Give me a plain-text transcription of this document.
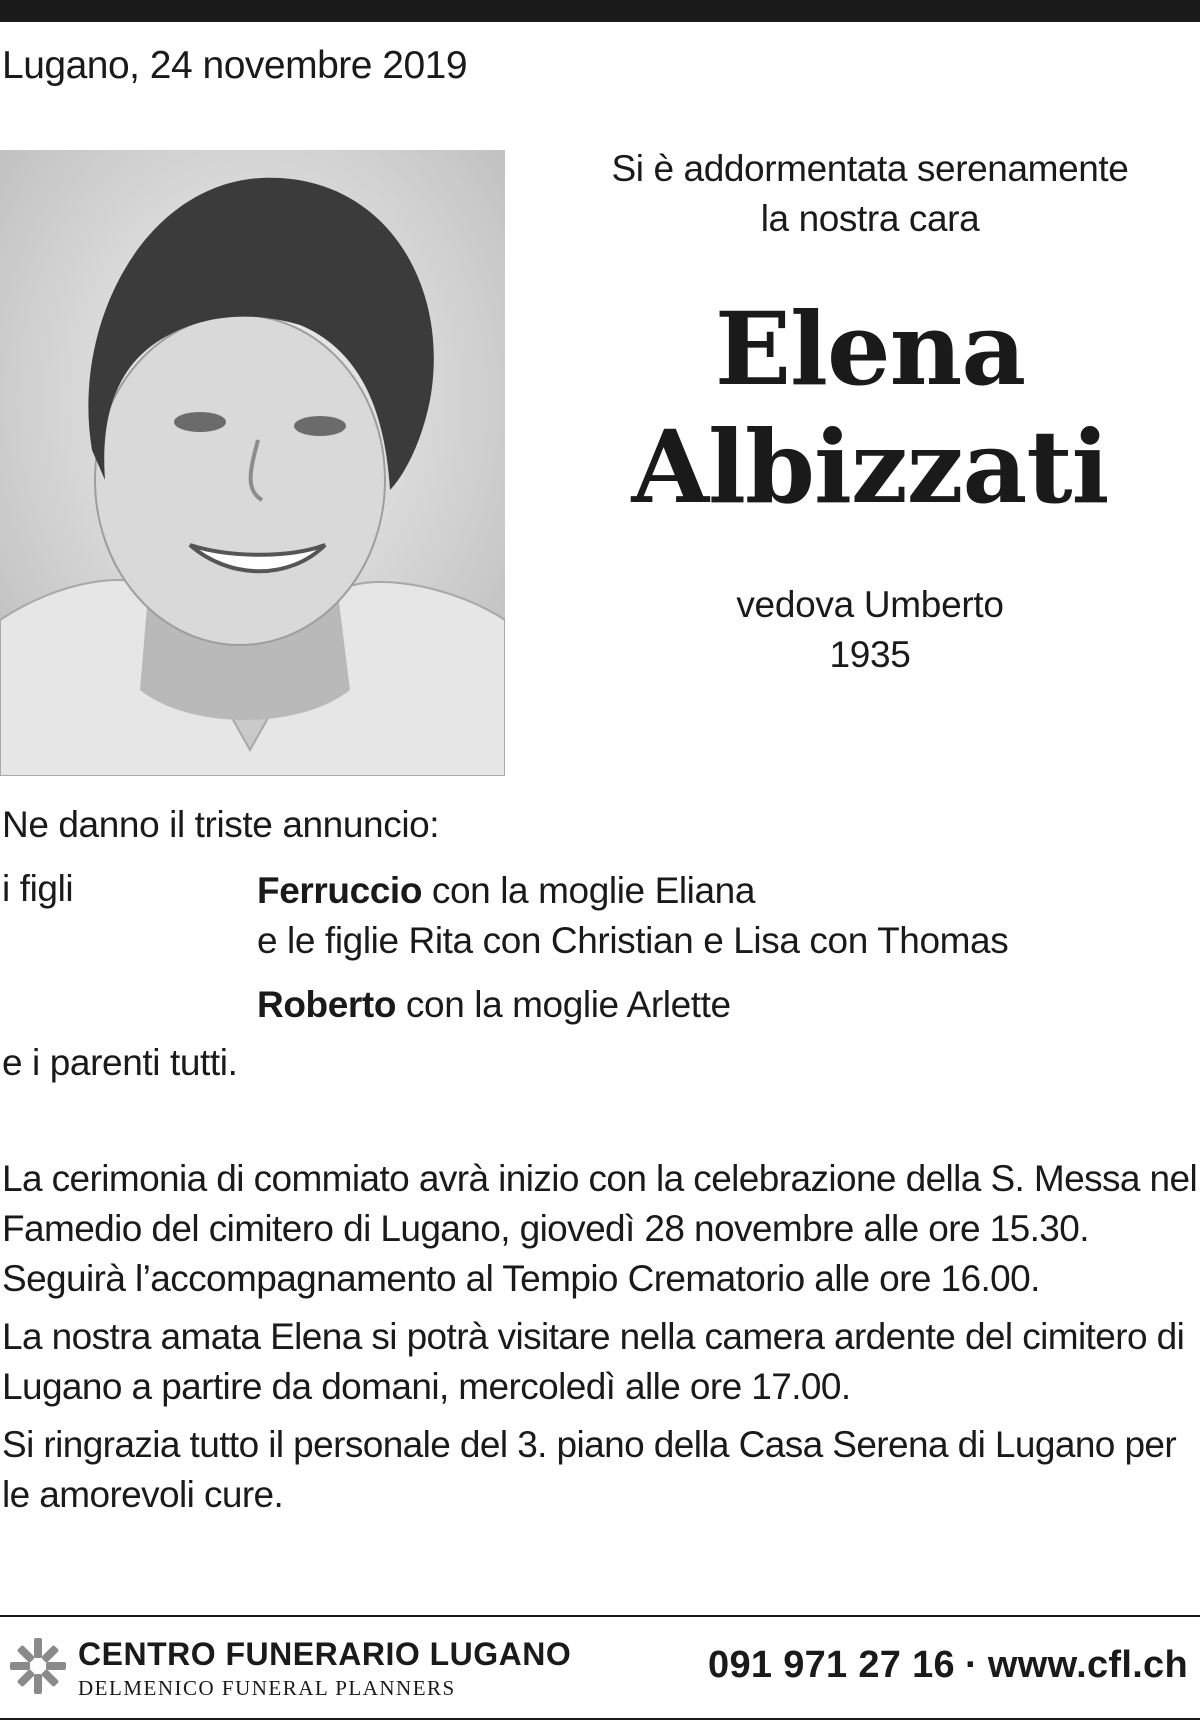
Lugano, 24 novembre 2019
Si è addormentata serenamente
la nostra cara
Elena
Albizzati
vedova Umberto
1935
Ne danno il triste annuncio:
i figli	Ferruccio con la moglie Eliana
e le figlie Rita con Christian e Lisa con Thomas
Roberto con la moglie Arlette
e i parenti tutti.

La cerimonia di commiato avrà inizio con la celebrazione della S. Messa nel Famedio del cimitero di Lugano, giovedì 28 novembre alle ore 15.30. Seguirà l’accompagnamento al Tempio Crematorio alle ore 16.00.

La nostra amata Elena si potrà visitare nella camera ardente del cimitero di Lugano a partire da domani, mercoledì alle ore 17.00.

Si ringrazia tutto il personale del 3. piano della Casa Serena di Lugano per le amorevoli cure.

CENTRO FUNERARIO LUGANO
DELMENICO FUNERAL PLANNERS
091 971 27 16 · www.cfl.ch
